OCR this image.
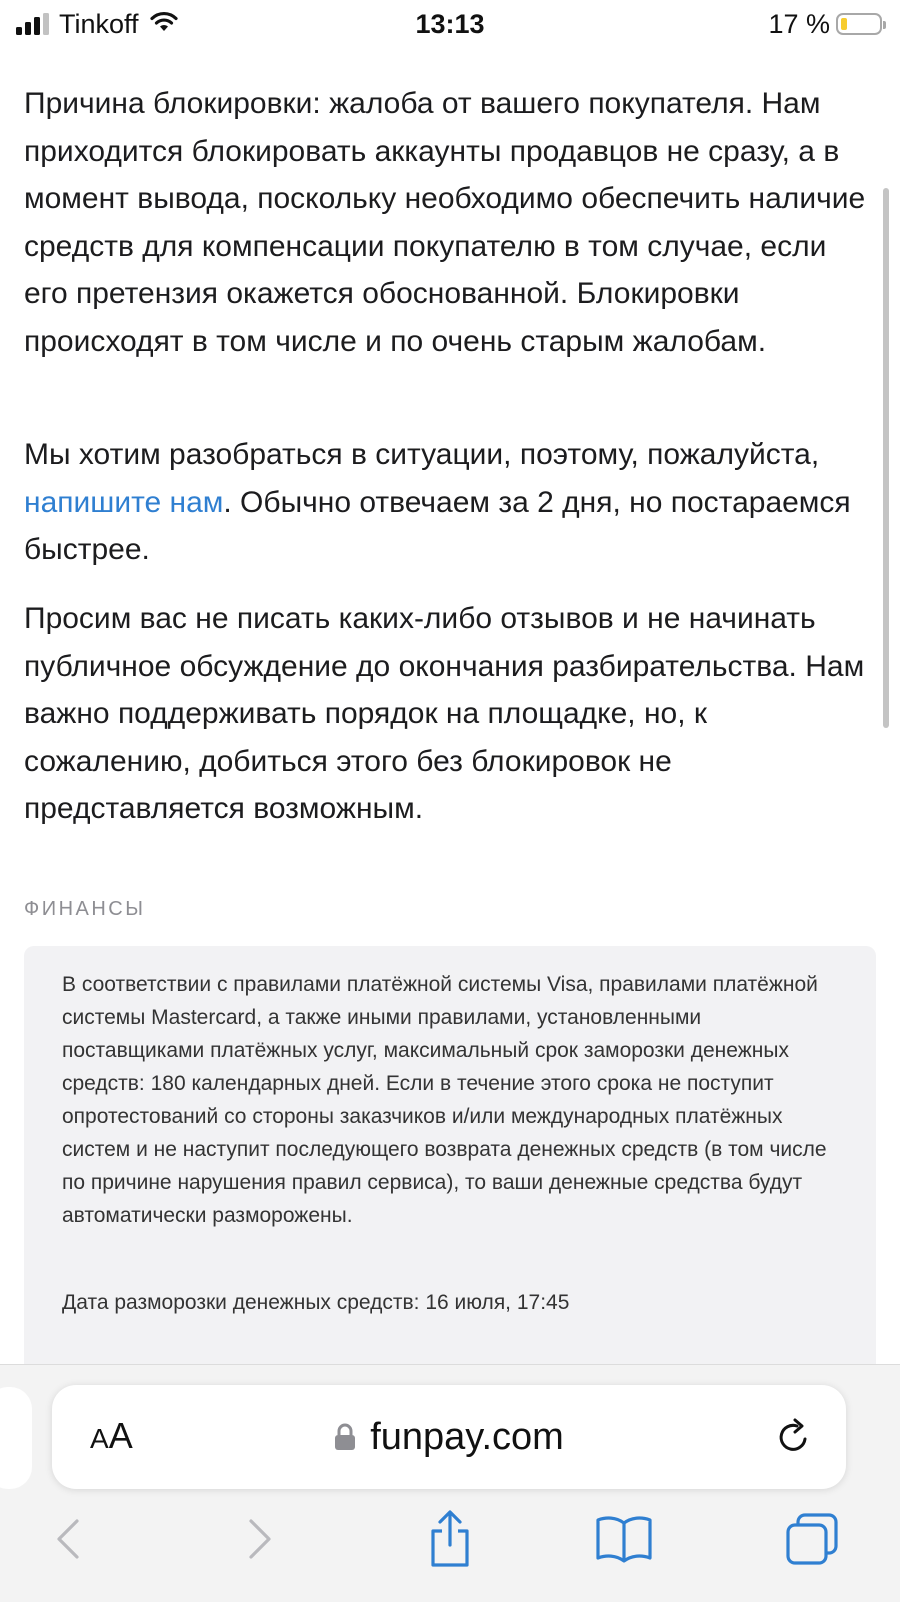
Tinkoff	13:13	17 %

Причина блокировки: жалоба от вашего покупателя. Нам приходится блокировать аккаунты продавцов не сразу, а в момент вывода, поскольку необходимо обеспечить наличие средств для компенсации покупателю в том случае, если его претензия окажется обоснованной. Блокировки происходят в том числе и по очень старым жалобам.

Мы хотим разобраться в ситуации, поэтому, пожалуйста, напишите нам. Обычно отвечаем за 2 дня, но постараемся быстрее.

Просим вас не писать каких-либо отзывов и не начинать публичное обсуждение до окончания разбирательства. Нам важно поддерживать порядок на площадке, но, к сожалению, добиться этого без блокировок не представляется возможным.

ФИНАНСЫ

В соответствии с правилами платёжной системы Visa, правилами платёжной системы Mastercard, а также иными правилами, установленными поставщиками платёжных услуг, максимальный срок заморозки денежных средств: 180 календарных дней. Если в течение этого срока не поступит опротестований со стороны заказчиков и/или международных платёжных систем и не наступит последующего возврата денежных средств (в том числе по причине нарушения правил сервиса), то ваши денежные средства будут автоматически разморожены.

Дата разморозки денежных средств: 16 июля, 17:45

AA	funpay.com
